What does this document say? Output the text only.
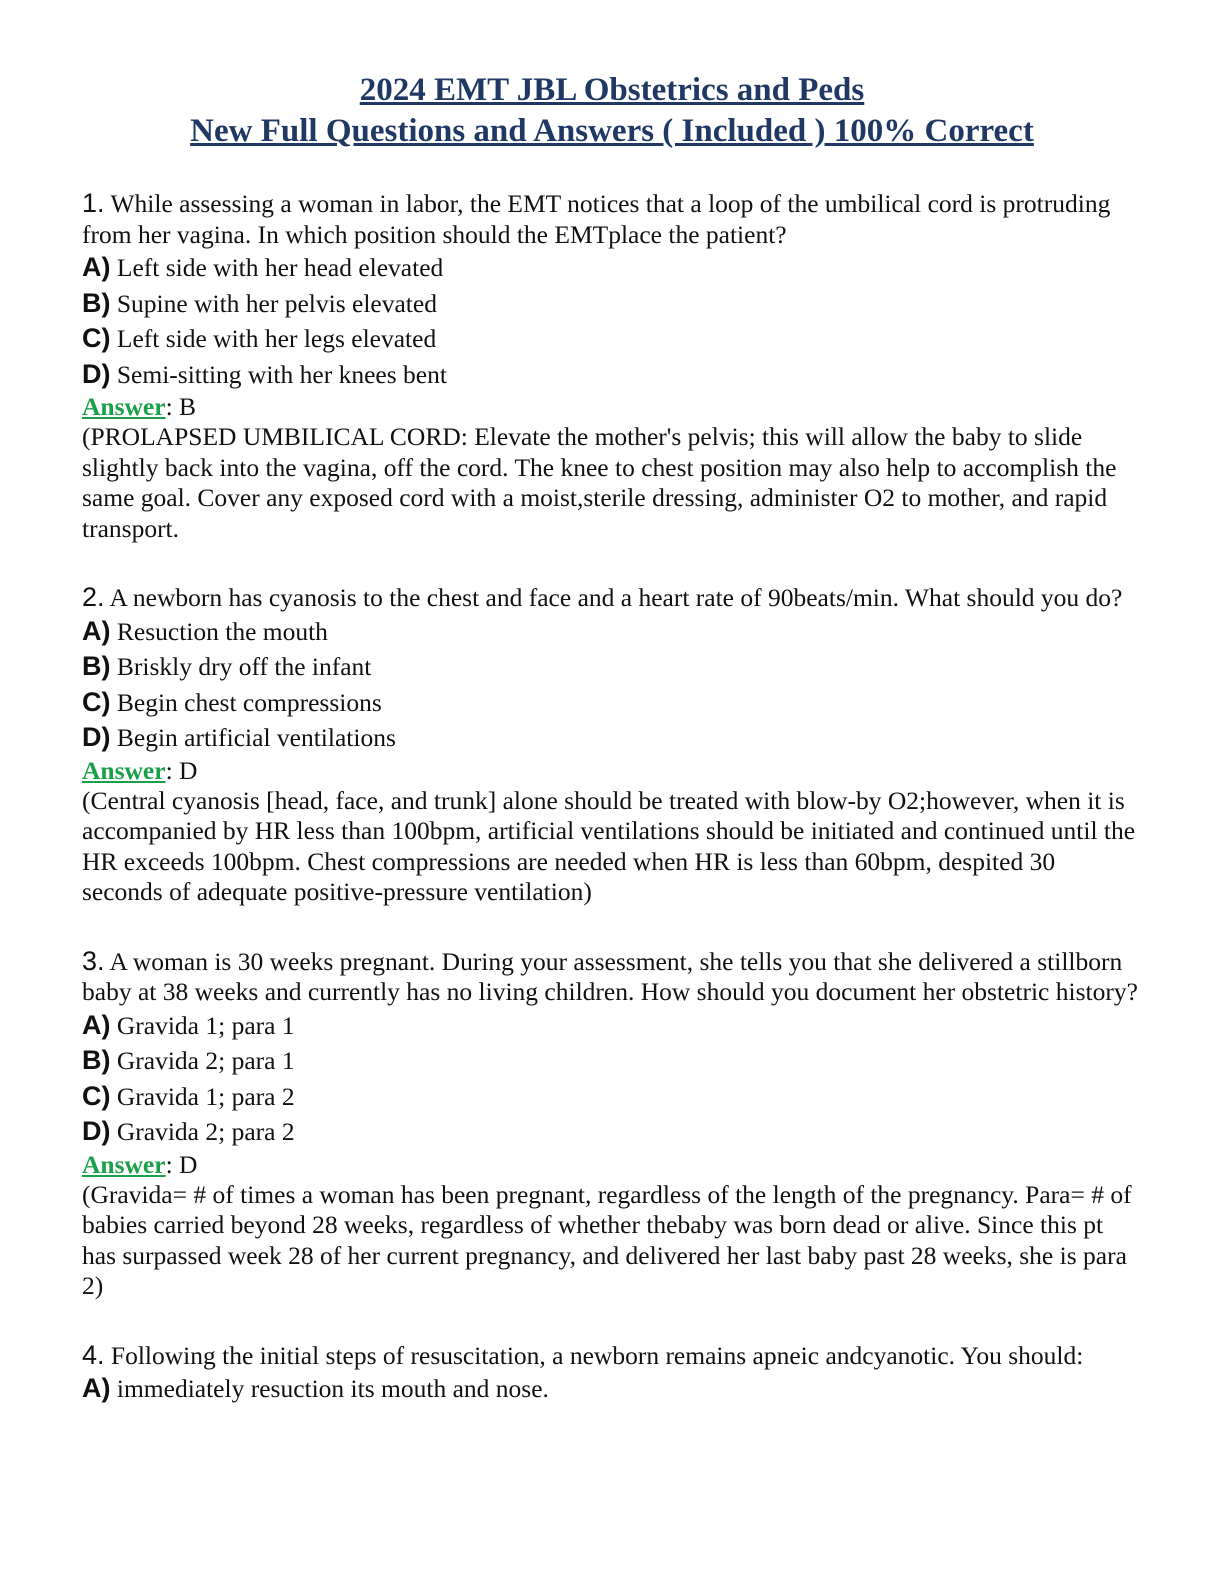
2024 EMT JBL Obstetrics and Peds
New Full Questions and Answers ( Included ) 100% Correct

1. While assessing a woman in labor, the EMT notices that a loop of the umbilical cord is protruding from her vagina. In which position should the EMTplace the patient?

A) Left side with her head elevated

B) Supine with her pelvis elevated

C) Left side with her legs elevated

D) Semi-sitting with her knees bent

Answer: B

(PROLAPSED UMBILICAL CORD: Elevate the mother's pelvis; this will allow the baby to slide slightly back into the vagina, off the cord. The knee to chest position may also help to accomplish the same goal. Cover any exposed cord with a moist,sterile dressing, administer O2 to mother, and rapid transport.

2. A newborn has cyanosis to the chest and face and a heart rate of 90beats/min. What should you do?

A) Resuction the mouth

B) Briskly dry off the infant

C) Begin chest compressions

D) Begin artificial ventilations

Answer: D

(Central cyanosis [head, face, and trunk] alone should be treated with blow-by O2;however, when it is accompanied by HR less than 100bpm, artificial ventilations should be initiated and continued until the HR exceeds 100bpm. Chest compressions are needed when HR is less than 60bpm, despited 30 seconds of adequate positive-pressure ventilation)

3. A woman is 30 weeks pregnant. During your assessment, she tells you that she delivered a stillborn baby at 38 weeks and currently has no living children. How should you document her obstetric history?

A) Gravida 1; para 1

B) Gravida 2; para 1

C) Gravida 1; para 2

D) Gravida 2; para 2

Answer: D

(Gravida= # of times a woman has been pregnant, regardless of the length of the pregnancy. Para= # of babies carried beyond 28 weeks, regardless of whether thebaby was born dead or alive. Since this pt has surpassed week 28 of her current pregnancy, and delivered her last baby past 28 weeks, she is para 2)

4. Following the initial steps of resuscitation, a newborn remains apneic andcyanotic. You should:

A) immediately resuction its mouth and nose.
